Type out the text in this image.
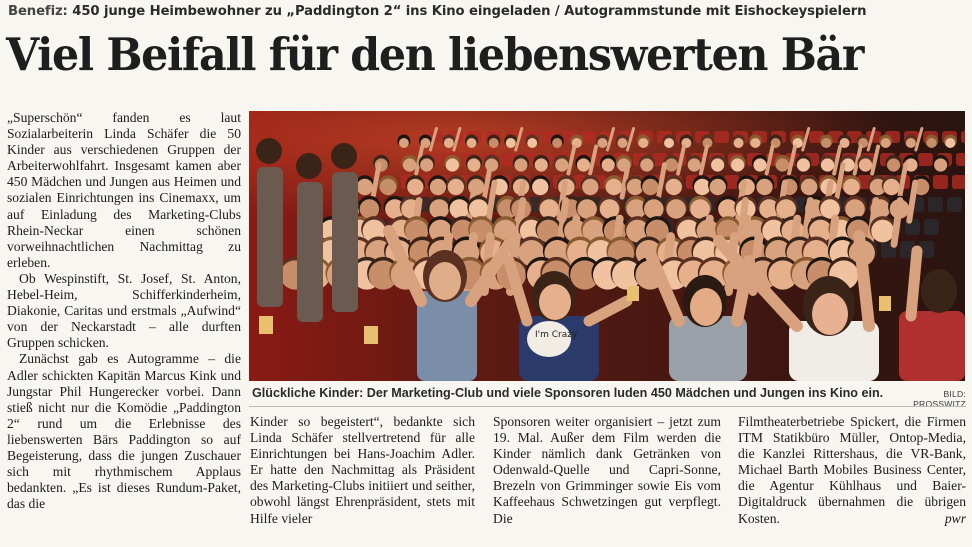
Benefiz: 450 junge Heimbewohner zu „Paddington 2“ ins Kino eingeladen / Autogrammstunde mit Eishockeyspielern
Viel Beifall für den liebenswerten Bär

„Superschön“ fanden es laut Sozialarbeiterin Linda Schäfer die 50 Kinder aus verschiedenen Gruppen der Arbeiterwohlfahrt. Insgesamt kamen aber 450 Mädchen und Jungen aus Heimen und sozialen Einrichtungen ins Cinemaxx, um auf Einladung des Marketing-Clubs Rhein-Neckar einen schönen vorweihnachtlichen Nachmittag zu erleben.

Ob Wespinstift, St. Josef, St. Anton, Hebel-Heim, Schifferkinderheim, Diakonie, Caritas und erstmals „Aufwind“ von der Neckarstadt – alle durften Gruppen schicken.

Zunächst gab es Autogramme – die Adler schickten Kapitän Marcus Kink und Jungstar Phil Hungerecker vorbei. Dann stieß nicht nur die Komödie „Paddington 2“ rund um die Erlebnisse des liebenswerten Bärs Paddington so auf Begeisterung, dass die jungen Zuschauer sich mit rhythmischem Applaus bedankten. „Es ist dieses Rundum-Paket, das die

I'm Crazy
Glückliche Kinder: Der Marketing-Club und viele Sponsoren luden 450 Mädchen und Jungen ins Kino ein.	BILD: PROSSWITZ

Kinder so begeistert“, bedankte sich Linda Schäfer stellvertretend für alle Einrichtungen bei Hans-Joachim Adler. Er hatte den Nachmittag als Präsident des Marketing-Clubs initiiert und seither, obwohl längst Ehrenpräsident, stets mit Hilfe vieler

Sponsoren weiter organisiert – jetzt zum 19. Mal. Außer dem Film werden die Kinder nämlich dank Getränken von Odenwald-Quelle und Capri-Sonne, Brezeln von Grimminger sowie Eis vom Kaffeehaus Schwetzingen gut verpflegt. Die

Filmtheaterbetriebe Spickert, die Firmen ITM Statikbüro Müller, Ontop-Media, die Kanzlei Rittershaus, die VR-Bank, Michael Barth Mobiles Business Center, die Agentur Kühlhaus und Baier-Digitaldruck übernahmen die übrigen Kosten.	pwr
